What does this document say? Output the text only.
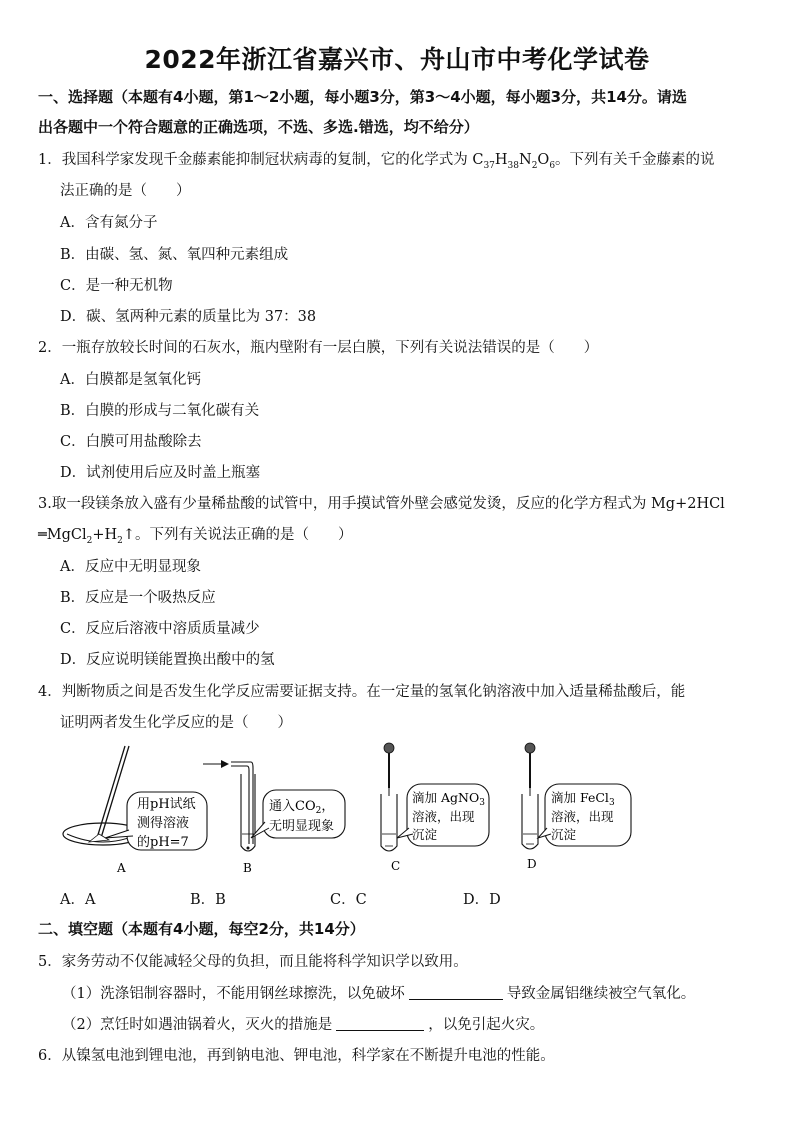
2022年浙江省嘉兴市、舟山市中考化学试卷
一、选择题（本题有4小题，第1～2小题，每小题3分，第3～4小题，每小题3分，共14分。请选
出各题中一个符合题意的正确选项，不选、多选.错选，均不给分）
1．我国科学家发现千金藤素能抑制冠状病毒的复制，它的化学式为 $C_{37}H_{38}N_2O_6$。下列有关千金藤素的说
法正确的是（　　）
A．含有氮分子
B．由碳、氢、氮、氧四种元素组成
C．是一种无机物
D．碳、氢两种元素的质量比为 37：38
2．一瓶存放较长时间的石灰水，瓶内壁附有一层白膜，下列有关说法错误的是（　　）
A．白膜都是氢氧化钙
B．白膜的形成与二氧化碳有关
C．白膜可用盐酸除去
D．试剂使用后应及时盖上瓶塞
3.取一段镁条放入盛有少量稀盐酸的试管中，用手摸试管外壁会感觉发烫，反应的化学方程式为 Mg+2HCl
$═MgCl_2+H_2↑$。下列有关说法正确的是（　　）
A．反应中无明显现象
B．反应是一个吸热反应
C．反应后溶液中溶质质量减少
D．反应说明镁能置换出酸中的氢
4．判断物质之间是否发生化学反应需要证据支持。在一定量的氢氧化钠溶液中加入适量稀盐酸后，能
证明两者发生化学反应的是（　　）
用pH试纸
测得溶液
的pH=7
A
通入$CO_2$，
无明显现象
B
滴加 AgNO$_3$
溶液，出现
沉淀
C
滴加 FeCl$_3$
溶液，出现
沉淀
D
A．A	B．B	C．C	D．D
二、填空题（本题有4小题，每空2分，共14分）
5．家务劳动不仅能减轻父母的负担，而且能将科学知识学以致用。
（1）洗涤铝制容器时，不能用钢丝球擦洗，以免破坏	导致金属铝继续被空气氧化。
（2）烹饪时如遇油锅着火，灭火的措施是	，以免引起火灾。
6．从镍氢电池到锂电池，再到钠电池、钾电池，科学家在不断提升电池的性能。
